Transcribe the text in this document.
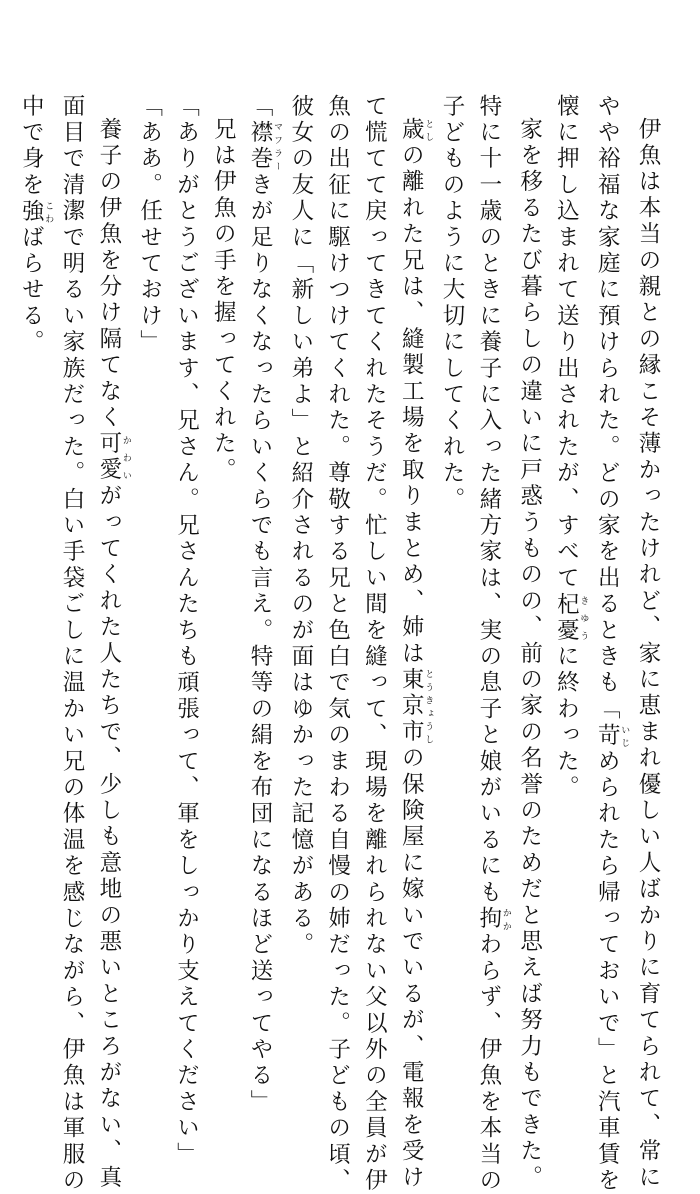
伊魚は本当の親との縁こそ薄かったけれど、家に恵まれ優しい人ばかりに育てられて、常に

やや裕福な家庭に預けられた。どの家を出るときも「苛 いじめられたら帰っておいで」と汽車賃を

懐に押し込まれて送り出されたが、すべて杞憂 きゆうに終わった。

家を移るたび暮らしの違いに戸惑うものの、前の家の名誉のためだと思えば努力もできた。

特に十一歳のときに養子に入った緒方家は、実の息子と娘がいるにも拘 かかわらず、伊魚を本当の

子どものように大切にしてくれた。

歳 としの離れた兄は、縫製工場を取りまとめ、姉は東京市 とうきょうしの保険屋に嫁いでいるが、電報を受け

て慌てて戻ってきてくれたそうだ。忙しい間を縫って、現場を離れられない父以外の全員が伊

魚の出征に駆けつけてくれた。尊敬する兄と色白で気のまわる自慢の姉だった。子どもの頃、

彼女の友人に「新しい弟よ」と紹介されるのが面はゆかった記憶がある。

「襟巻 マフラーきが足りなくなったらいくらでも言え。特等の絹を布団になるほど送ってやる」

兄は伊魚の手を握ってくれた。

「ありがとうございます、兄さん。兄さんたちも頑張って、軍をしっかり支えてください」

「ああ。任せておけ」

養子の伊魚を分け隔てなく可愛 かわいがってくれた人たちで、少しも意地の悪いところがない、真

面目で清潔で明るい家族だった。白い手袋ごしに温かい兄の体温を感じながら、伊魚は軍服の

中で身を強 こわばらせる。
